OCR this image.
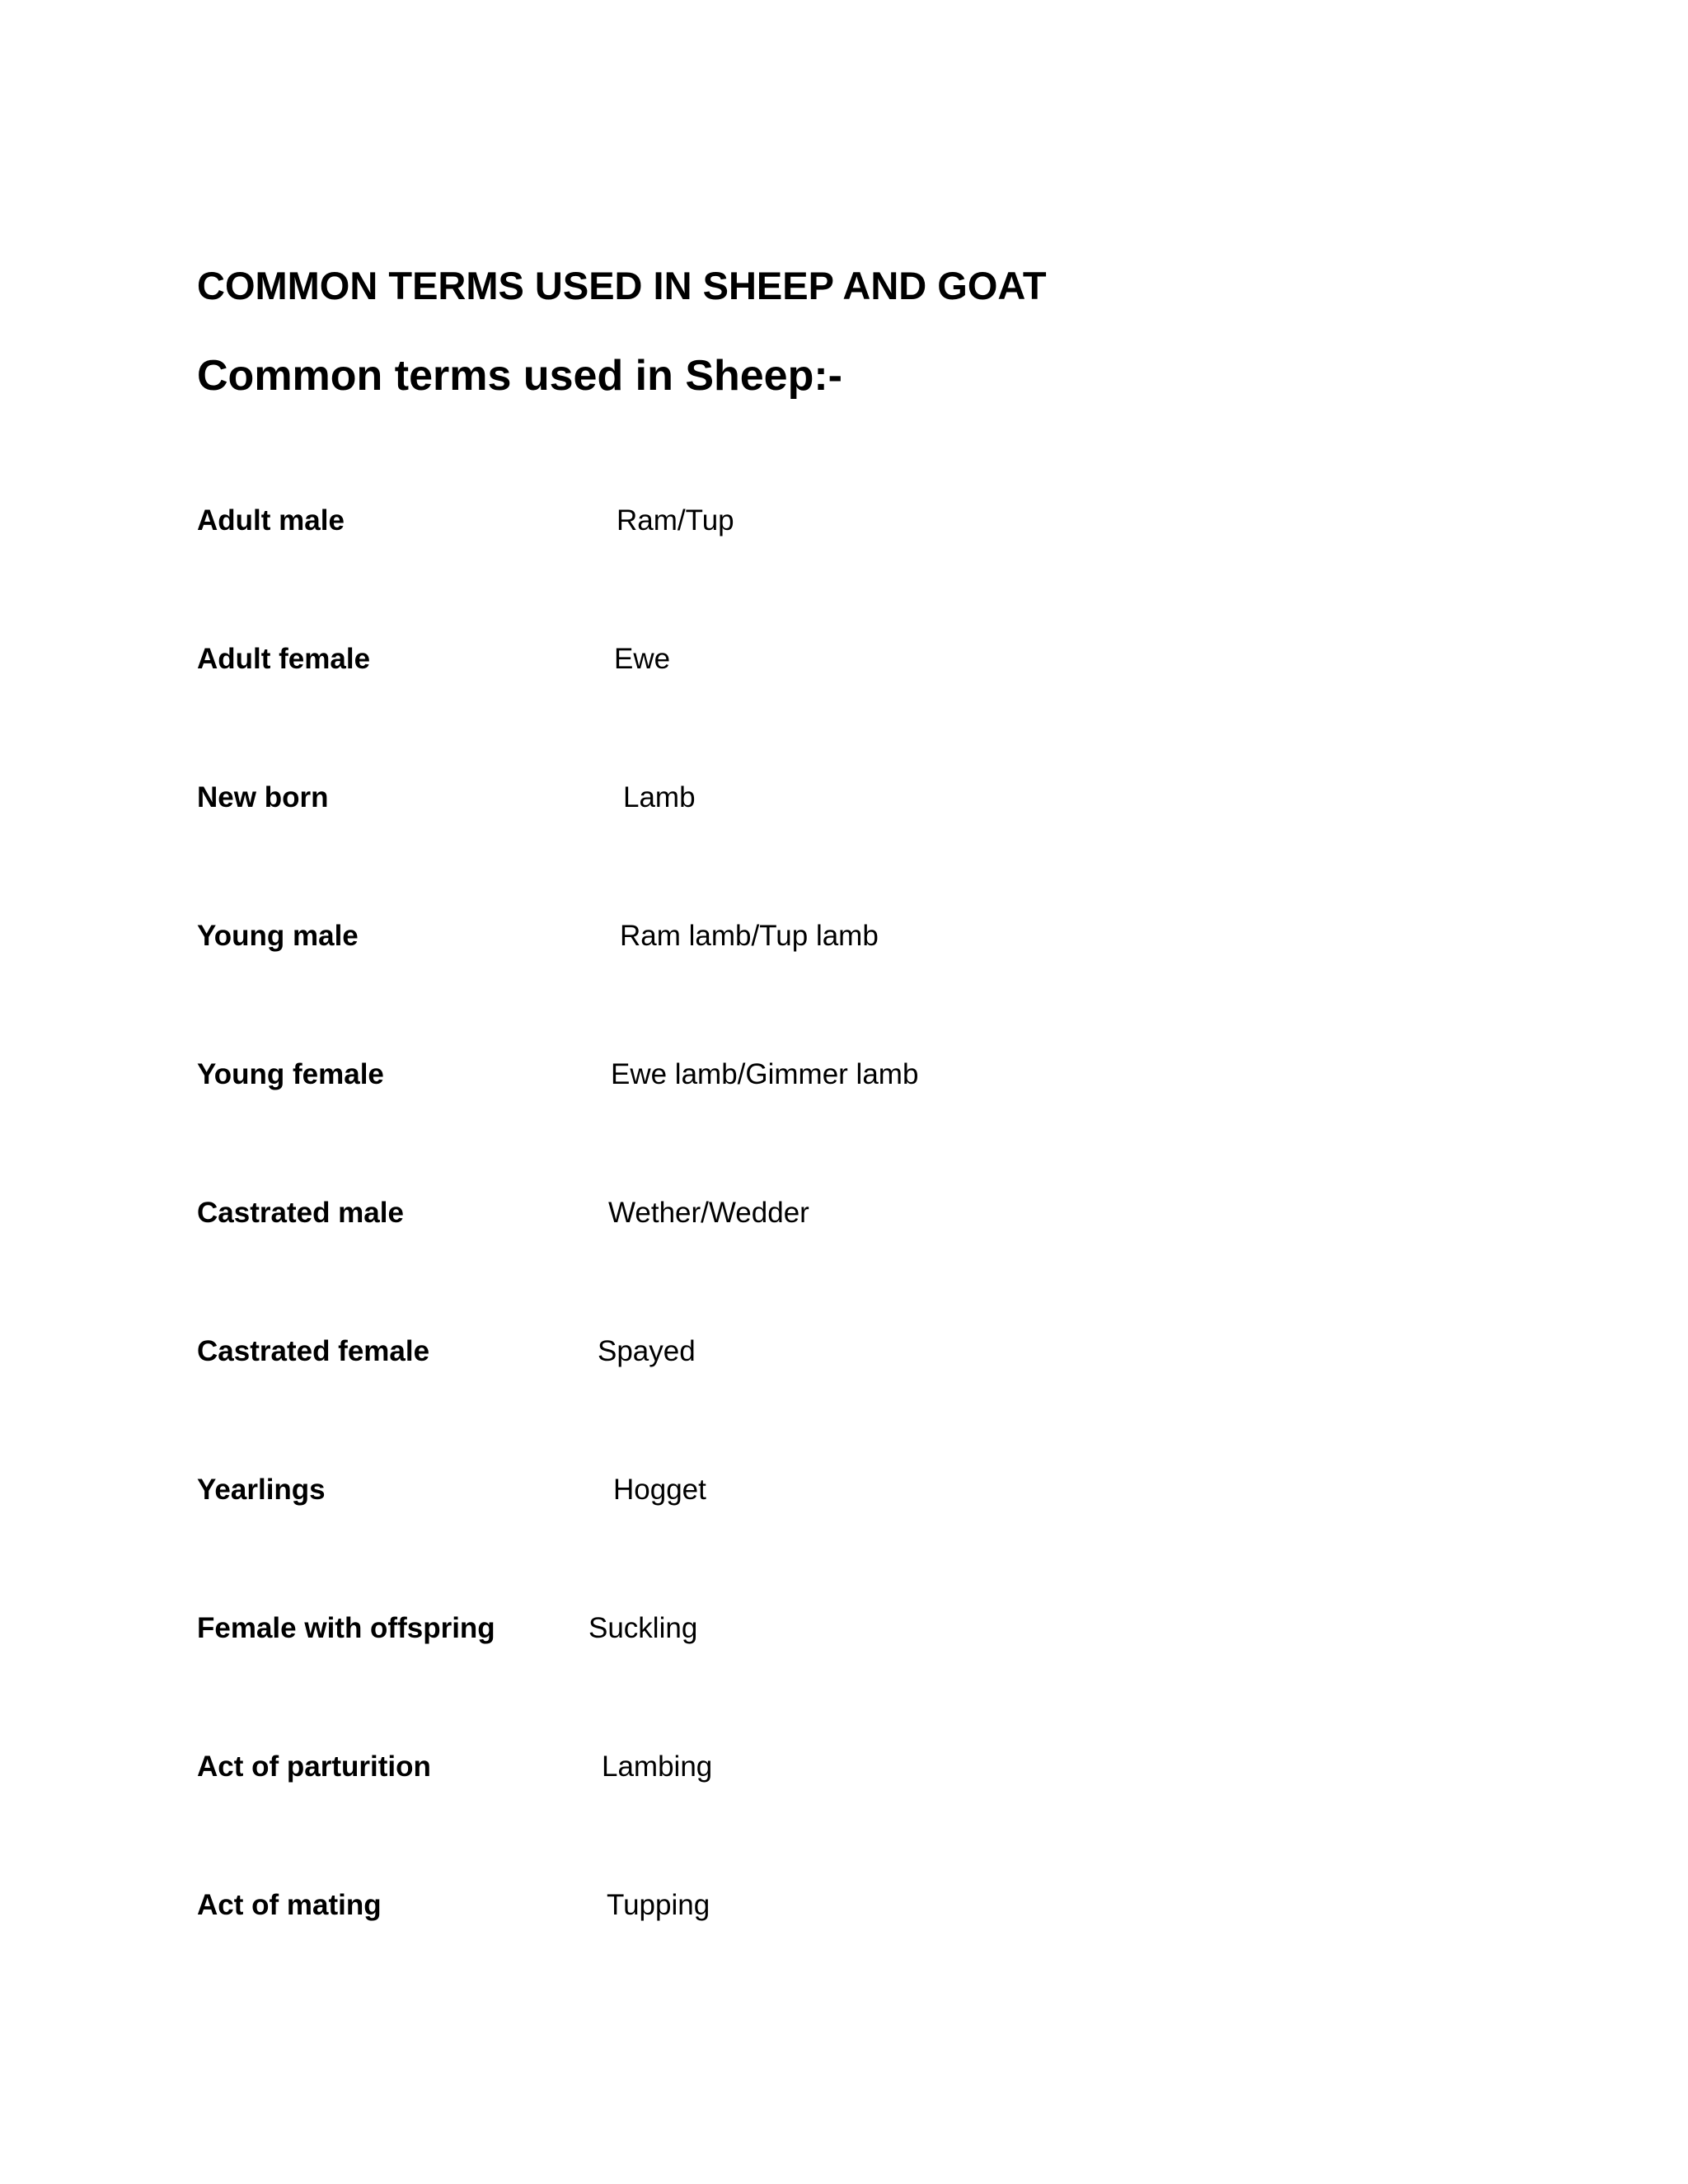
COMMON TERMS USED IN SHEEP AND GOAT
Common terms used in Sheep:-
Adult male	Ram/Tup
Adult female	Ewe
New born	Lamb
Young male	Ram lamb/Tup lamb
Young female	Ewe lamb/Gimmer lamb
Castrated male	Wether/Wedder
Castrated female	Spayed
Yearlings	Hogget
Female with offspring	Suckling
Act of parturition	Lambing
Act of mating	Tupping
